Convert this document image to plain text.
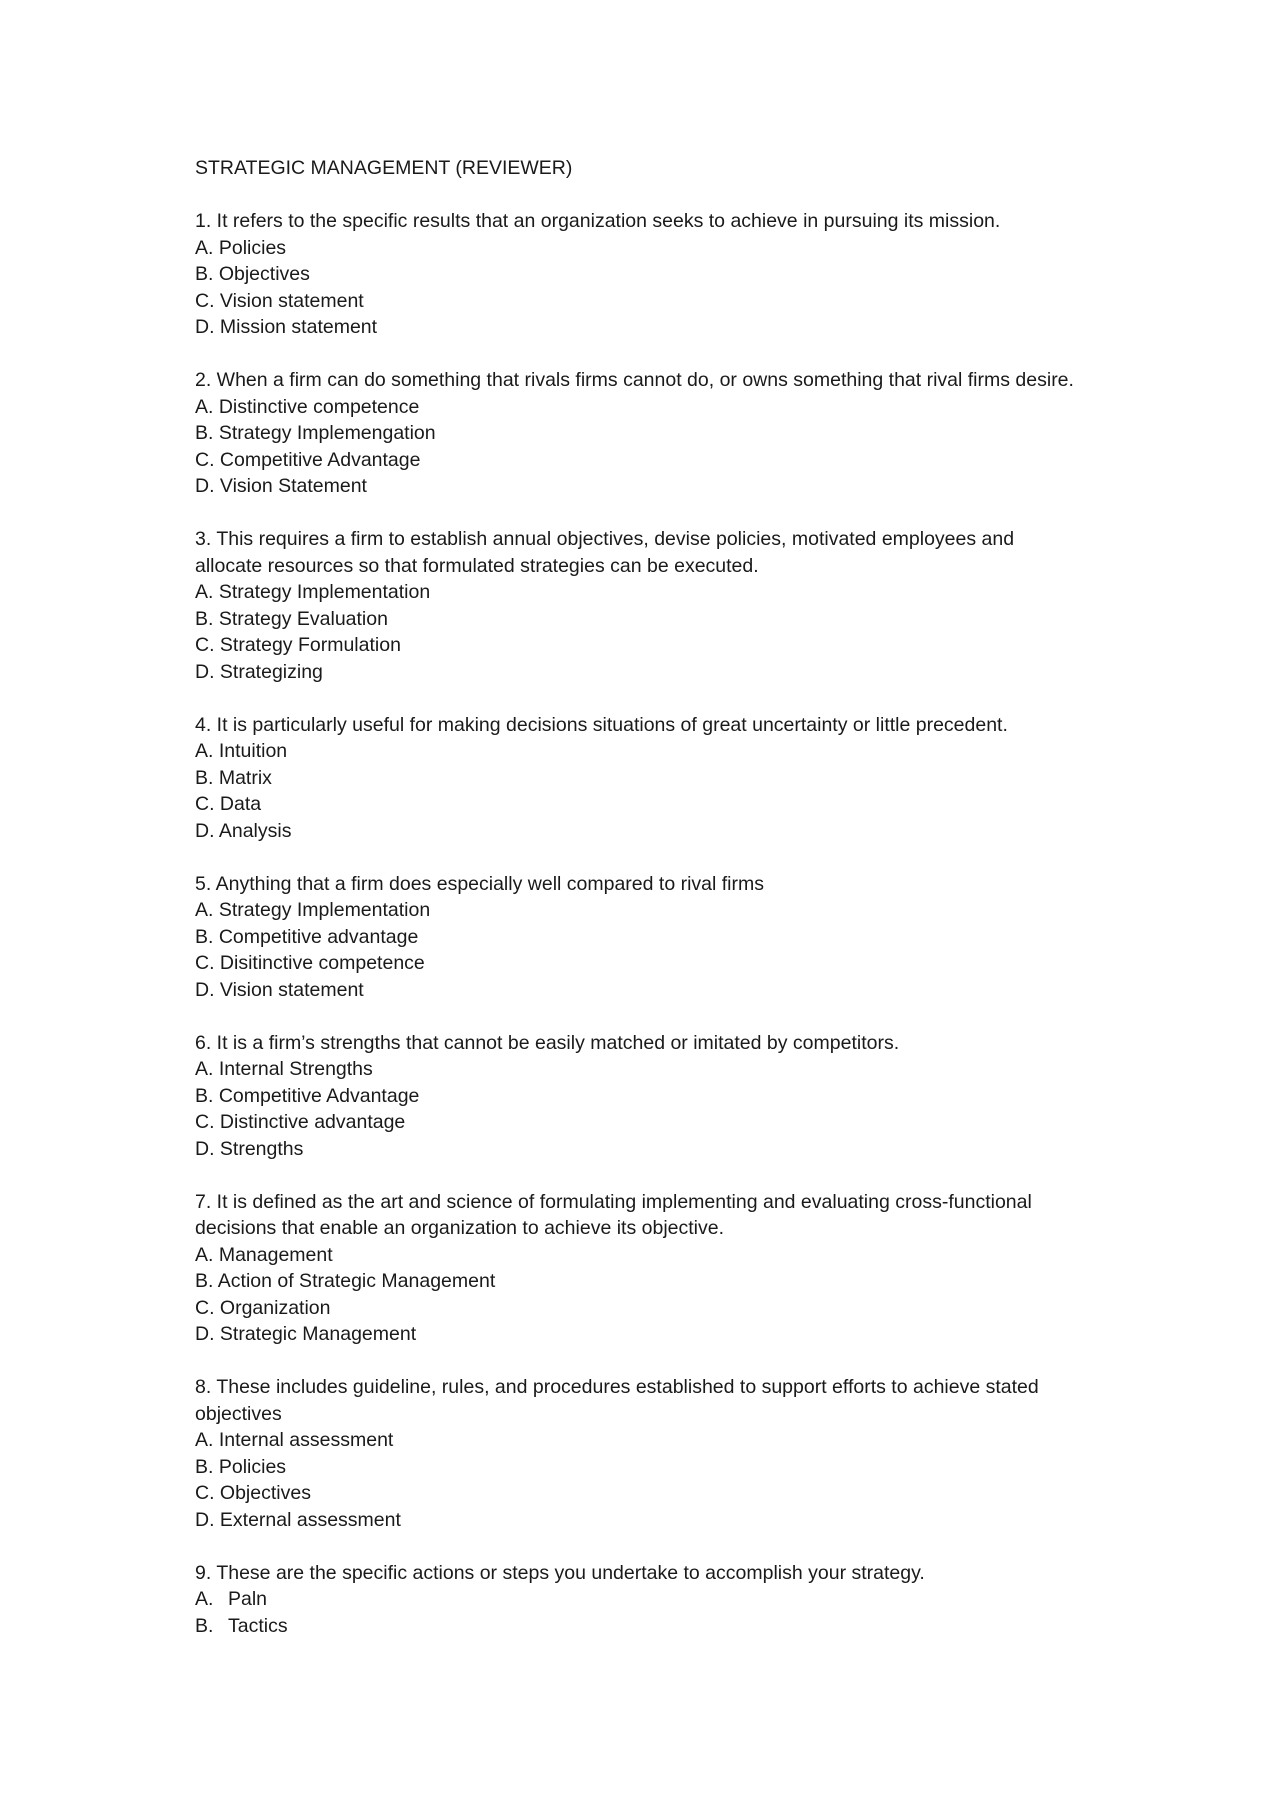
STRATEGIC MANAGEMENT (REVIEWER)

1. It refers to the specific results that an organization seeks to achieve in pursuing its mission.

A. Policies
B. Objectives
C. Vision statement
D. Mission statement

2. When a firm can do something that rivals firms cannot do, or owns something that rival firms desire.

A. Distinctive competence
B. Strategy Implemengation
C. Competitive Advantage
D. Vision Statement

3. This requires a firm to establish annual objectives, devise policies, motivated employees and allocate resources so that formulated strategies can be executed.

A. Strategy Implementation
B. Strategy Evaluation
C. Strategy Formulation
D. Strategizing

4. It is particularly useful for making decisions situations of great uncertainty or little precedent.

A. Intuition
B. Matrix
C. Data
D. Analysis

5. Anything that a firm does especially well compared to rival firms

A. Strategy Implementation
B. Competitive advantage
C. Disitinctive competence
D. Vision statement

6. It is a firm’s strengths that cannot be easily matched or imitated by competitors.

A. Internal Strengths
B. Competitive Advantage
C. Distinctive advantage
D. Strengths

7. It is defined as the art and science of formulating implementing and evaluating cross-functional decisions that enable an organization to achieve its objective.

A. Management
B. Action of Strategic Management
C. Organization
D. Strategic Management

8. These includes guideline, rules, and procedures established to support efforts to achieve stated objectives

A. Internal assessment
B. Policies
C. Objectives
D. External assessment

9. These are the specific actions or steps you undertake to accomplish your strategy.

A. Paln
B. Tactics
